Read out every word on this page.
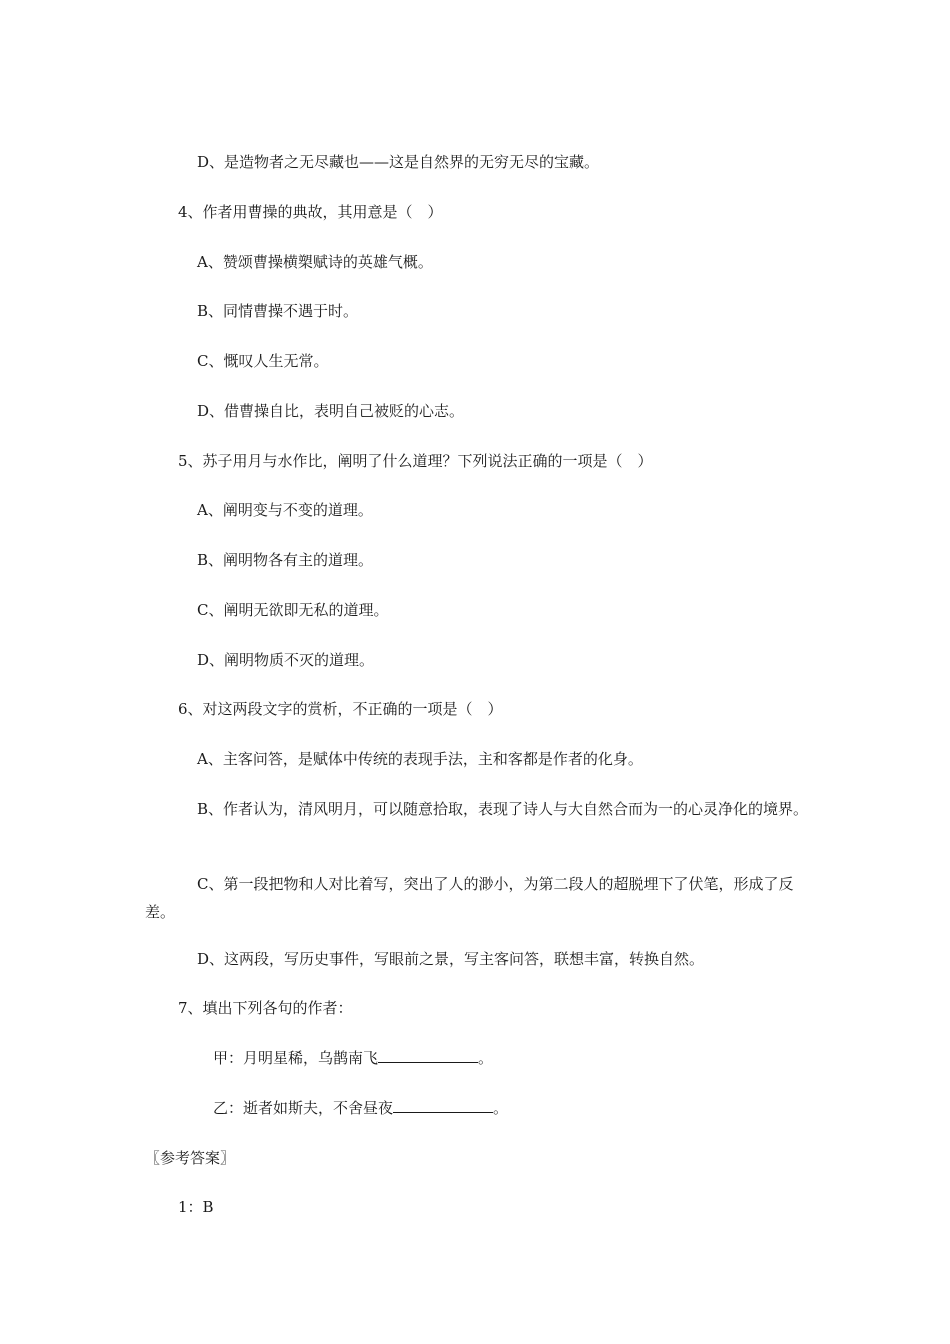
D、是造物者之无尽藏也——这是自然界的无穷无尽的宝藏。
4、作者用曹操的典故，其用意是（　）
A、赞颂曹操横槊赋诗的英雄气概。
B、同情曹操不遇于时。
C、慨叹人生无常。
D、借曹操自比，表明自己被贬的心志。
5、苏子用月与水作比，阐明了什么道理？下列说法正确的一项是（　）
A、阐明变与不变的道理。
B、阐明物各有主的道理。
C、阐明无欲即无私的道理。
D、阐明物质不灭的道理。
6、对这两段文字的赏析，不正确的一项是（　）
A、主客问答，是赋体中传统的表现手法，主和客都是作者的化身。
B、作者认为，清风明月，可以随意拾取，表现了诗人与大自然合而为一的心灵净化的境界。
C、第一段把物和人对比着写，突出了人的渺小，为第二段人的超脱埋下了伏笔，形成了反差。
D、这两段，写历史事件，写眼前之景，写主客问答，联想丰富，转换自然。
7、填出下列各句的作者：
甲：月明星稀，乌鹊南飞	。
乙：逝者如斯夫，不舍昼夜	。
〖参考答案〗
1：B
